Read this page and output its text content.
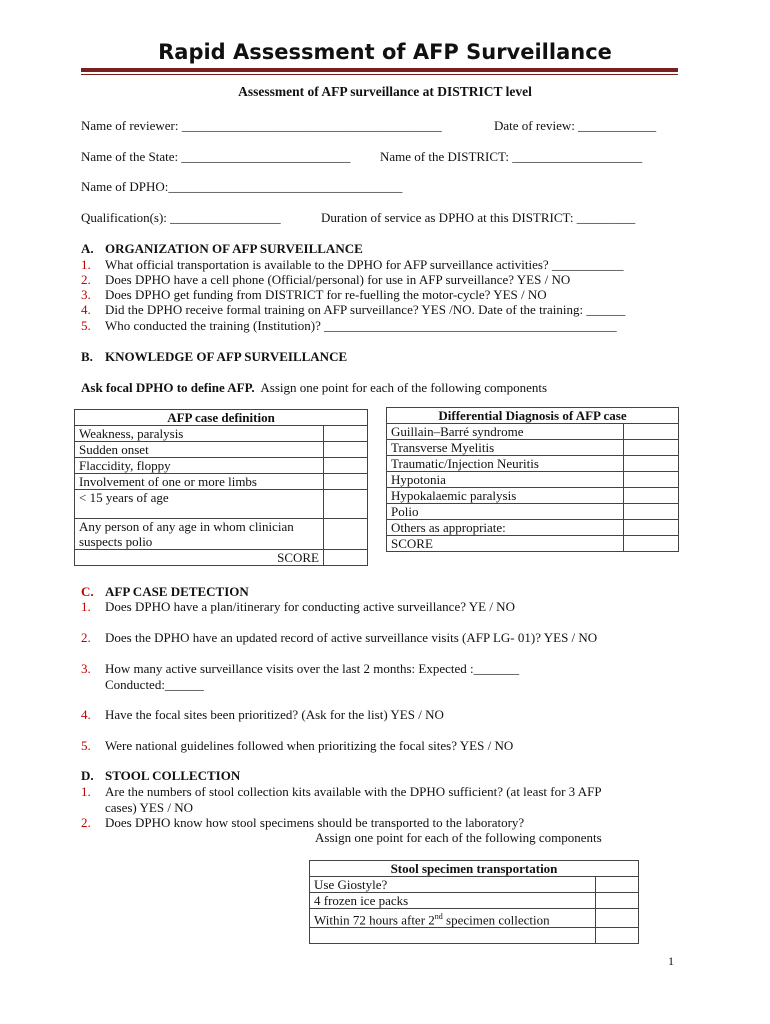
Rapid Assessment of AFP Surveillance
Assessment of AFP surveillance at DISTRICT level
Name of reviewer: ________________________________________	Date of review: ____________
Name of the State: __________________________ Name of the DISTRICT: ____________________
Name of DPHO:____________________________________
Qualification(s): _________________	Duration of service as DPHO at this DISTRICT: _________
A. ORGANIZATION OF AFP SURVEILLANCE
1. What official transportation is available to the DPHO for AFP surveillance activities? ___________
2. Does DPHO have a cell phone (Official/personal) for use in AFP surveillance? YES / NO
3. Does DPHO get funding from DISTRICT for re-fuelling the motor-cycle? YES / NO
4. Did the DPHO receive formal training on AFP surveillance? YES /NO. Date of the training: ______
5. Who conducted the training (Institution)? _____________________________________________
B. KNOWLEDGE OF AFP SURVEILLANCE
Ask focal DPHO to define AFP. Assign one point for each of the following components
AFP case definition	
Weakness, paralysis	
Sudden onset	
Flaccidity, floppy	
Involvement of one or more limbs	
< 15 years of age	

Any person of any age in whom clinician
suspects polio	

SCORE	
Differential Diagnosis of AFP case	
Guillain–Barré syndrome	
Transverse Myelitis	
Traumatic/Injection Neuritis	
Hypotonia	
Hypokalaemic paralysis	
Polio	
Others as appropriate:	
SCORE	
C. AFP CASE DETECTION
1. Does DPHO have a plan/itinerary for conducting active surveillance? YE / NO
2. Does the DPHO have an updated record of active surveillance visits (AFP LG- 01)? YES / NO
3. How many active surveillance visits over the last 2 months: Expected :_______
Conducted:______
4. Have the focal sites been prioritized? (Ask for the list) YES / NO
5. Were national guidelines followed when prioritizing the focal sites? YES / NO
D. STOOL COLLECTION
1. Are the numbers of stool collection kits available with the DPHO sufficient? (at least for 3 AFP
cases) YES / NO
2. Does DPHO know how stool specimens should be transported to the laboratory?
Assign one point for each of the following components
Stool specimen transportation	
Use Giostyle?	
4 frozen ice packs	
Within 72 hours after 2nd specimen collection	

1
